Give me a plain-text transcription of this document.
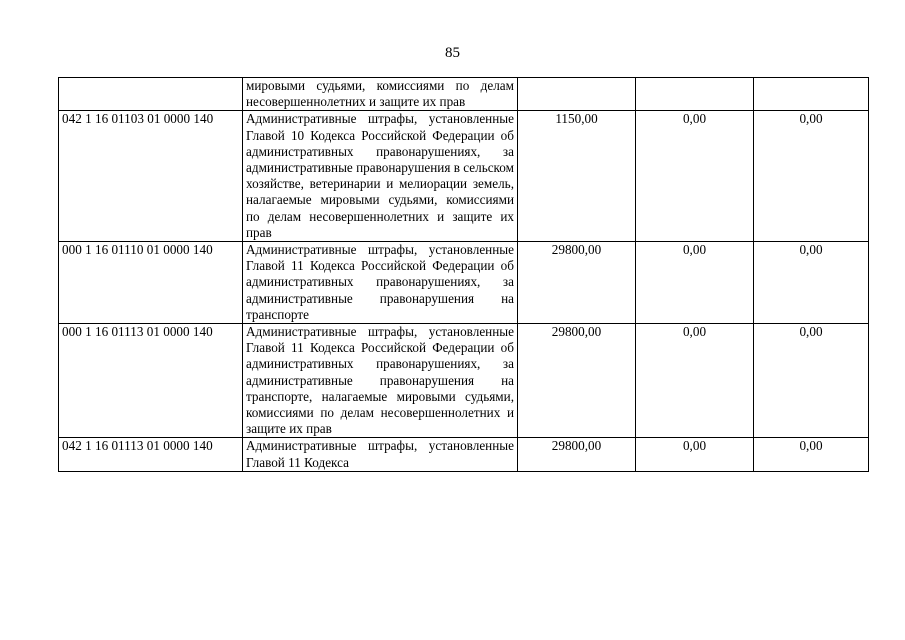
85
	мировыми судьями, комиссиями по делам несовершеннолетних и защите их прав			
042 1 16 01103 01 0000 140	Административные штрафы, установленные Главой 10 Кодекса Российской Федерации об административных правонарушениях, за административные правонарушения в сельском хозяйстве, ветеринарии и мелиорации земель, налагаемые мировыми судьями, комиссиями по делам несовершеннолетних и защите их прав	1150,00	0,00	0,00
000 1 16 01110 01 0000 140	Административные штрафы, установленные Главой 11 Кодекса Российской Федерации об административных правонарушениях, за административные правонарушения на транспорте	29800,00	0,00	0,00
000 1 16 01113 01 0000 140	Административные штрафы, установленные Главой 11 Кодекса Российской Федерации об административных правонарушениях, за административные правонарушения на транспорте, налагаемые мировыми судьями, комиссиями по делам несовершеннолетних и защите их прав	29800,00	0,00	0,00
042 1 16 01113 01 0000 140	Административные штрафы, установленные Главой 11 Кодекса	29800,00	0,00	0,00
